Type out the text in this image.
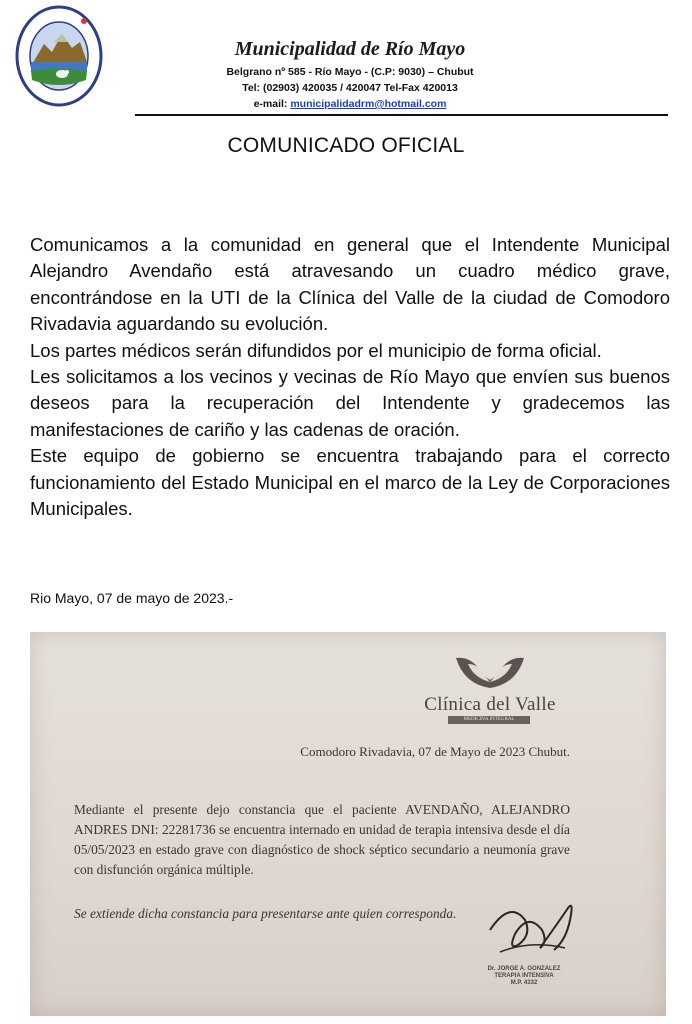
Municipalidad de Río Mayo
Belgrano nº 585 - Río Mayo - (C.P: 9030) – Chubut
Tel: (02903) 420035 / 420047 Tel-Fax 420013
e-mail: municipalidadrm@hotmail.com
COMUNICADO OFICIAL

Comunicamos a la comunidad en general que el Intendente Municipal Alejandro Avendaño está atravesando un cuadro médico grave, encontrándose en la UTI de la Clínica del Valle de la ciudad de Comodoro Rivadavia aguardando su evolución.

Los partes médicos serán difundidos por el municipio de forma oficial.

Les solicitamos a los vecinos y vecinas de Río Mayo que envíen sus buenos deseos para la recuperación del Intendente y gradecemos las manifestaciones de cariño y las cadenas de oración.

Este equipo de gobierno se encuentra trabajando para el correcto funcionamiento del Estado Municipal en el marco de la Ley de Corporaciones Municipales.

Rio Mayo, 07 de mayo de 2023.-
Clínica del Valle
MEDICINA INTEGRAL
Comodoro Rivadavia, 07 de Mayo de 2023 Chubut.

Mediante el presente dejo constancia que el paciente AVENDAÑO, ALEJANDRO ANDRES DNI: 22281736 se encuentra internado en unidad de terapia intensiva desde el día 05/05/2023 en estado grave con diagnóstico de shock séptico secundario a neumonía grave con disfunción orgánica múltiple.

Se extiende dicha constancia para presentarse ante quien corresponda.
Dr. JORGE A. GONZALEZ
TERAPIA INTENSIVA
M.P. 4332
